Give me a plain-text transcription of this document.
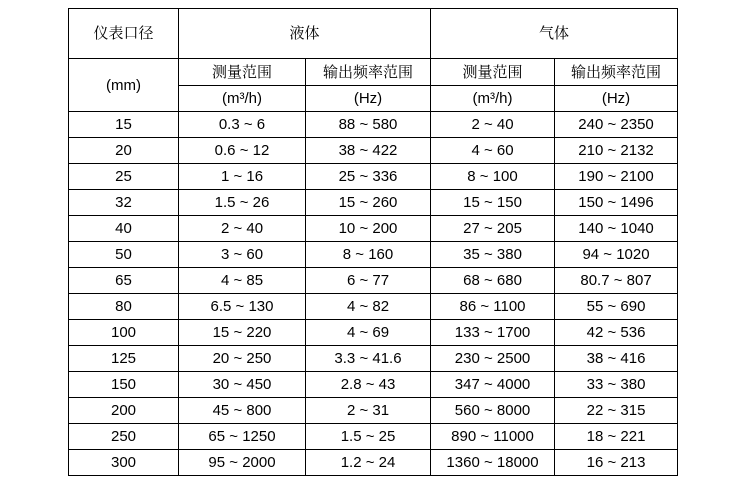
仪表口径	液体		气体	
(mm)	测量范围	输出频率范围	测量范围	输出频率范围
	(m³/h)	(Hz)	(m³/h)	(Hz)
15	0.3 ~ 6	88 ~ 580	2 ~ 40	240 ~ 2350
20	0.6 ~ 12	38 ~ 422	4 ~ 60	210 ~ 2132
25	1 ~ 16	25 ~ 336	8 ~ 100	190 ~ 2100
32	1.5 ~ 26	15 ~ 260	15 ~ 150	150 ~ 1496
40	2 ~ 40	10 ~ 200	27 ~ 205	140 ~ 1040
50	3 ~ 60	8 ~ 160	35 ~ 380	94 ~ 1020
65	4 ~ 85	6 ~ 77	68 ~ 680	80.7 ~ 807
80	6.5 ~ 130	4 ~ 82	86 ~ 1100	55 ~ 690
100	15 ~ 220	4 ~ 69	133 ~ 1700	42 ~ 536
125	20 ~ 250	3.3 ~ 41.6	230 ~ 2500	38 ~ 416
150	30 ~ 450	2.8 ~ 43	347 ~ 4000	33 ~ 380
200	45 ~ 800	2 ~ 31	560 ~ 8000	22 ~ 315
250	65 ~ 1250	1.5 ~ 25	890 ~ 11000	18 ~ 221
300	95 ~ 2000	1.2 ~ 24	1360 ~ 18000	16 ~ 213
